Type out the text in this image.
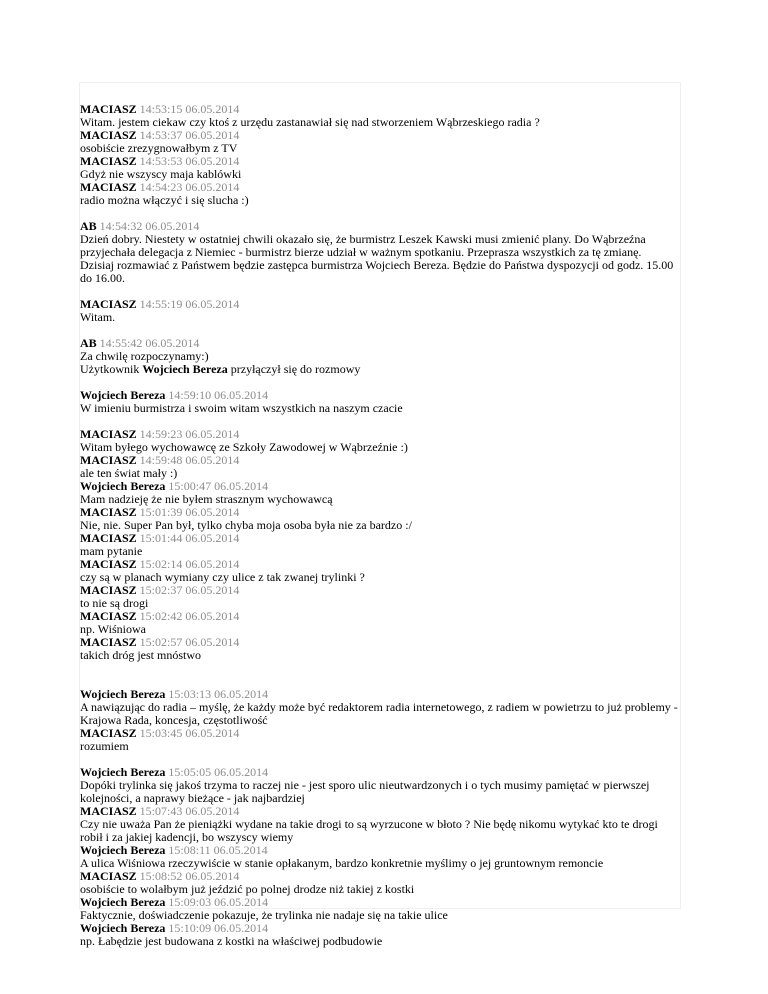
MACIASZ 14:53:15 06.05.2014
Witam. jestem ciekaw czy ktoś z urzędu zastanawiał się nad stworzeniem Wąbrzeskiego radia ?
MACIASZ 14:53:37 06.05.2014
osobiście zrezygnowałbym z TV
MACIASZ 14:53:53 06.05.2014
Gdyż nie wszyscy maja kablówki
MACIASZ 14:54:23 06.05.2014
radio można włączyć i się slucha :)
AB 14:54:32 06.05.2014
Dzień dobry. Niestety w ostatniej chwili okazało się, że burmistrz Leszek Kawski musi zmienić plany. Do Wąbrzeźna przyjechała delegacja z Niemiec - burmistrz bierze udział w ważnym spotkaniu. Przeprasza wszystkich za tę zmianę. Dzisiaj rozmawiać z Państwem będzie zastępca burmistrza Wojciech Bereza. Będzie do Państwa dyspozycji od godz. 15.00 do 16.00.
MACIASZ 14:55:19 06.05.2014
Witam.
AB 14:55:42 06.05.2014
Za chwilę rozpoczynamy:)
Użytkownik Wojciech Bereza przyłączył się do rozmowy
Wojciech Bereza 14:59:10 06.05.2014
W imieniu burmistrza i swoim witam wszystkich na naszym czacie
MACIASZ 14:59:23 06.05.2014
Witam byłego wychowawcę ze Szkoły Zawodowej w Wąbrzeźnie :)
MACIASZ 14:59:48 06.05.2014
ale ten świat mały :)
Wojciech Bereza 15:00:47 06.05.2014
Mam nadzieję że nie byłem strasznym wychowawcą
MACIASZ 15:01:39 06.05.2014
Nie, nie. Super Pan był, tylko chyba moja osoba była nie za bardzo :/
MACIASZ 15:01:44 06.05.2014
mam pytanie
MACIASZ 15:02:14 06.05.2014
czy są w planach wymiany czy ulice z tak zwanej trylinki ?
MACIASZ 15:02:37 06.05.2014
to nie są drogi
MACIASZ 15:02:42 06.05.2014
np. Wiśniowa
MACIASZ 15:02:57 06.05.2014
takich dróg jest mnóstwo
Wojciech Bereza 15:03:13 06.05.2014
A nawiązując do radia – myślę, że każdy może być redaktorem radia internetowego, z radiem w powietrzu to już problemy - Krajowa Rada, koncesja, częstotliwość
MACIASZ 15:03:45 06.05.2014
rozumiem
Wojciech Bereza 15:05:05 06.05.2014
Dopóki trylinka się jakoś trzyma to raczej nie - jest sporo ulic nieutwardzonych i o tych musimy pamiętać w pierwszej kolejności, a naprawy bieżące - jak najbardziej
MACIASZ 15:07:43 06.05.2014
Czy nie uważa Pan że pieniążki wydane na takie drogi to są wyrzucone w błoto ? Nie będę nikomu wytykać kto te drogi robił i za jakiej kadencji, bo wszyscy wiemy
Wojciech Bereza 15:08:11 06.05.2014
A ulica Wiśniowa rzeczywiście w stanie opłakanym, bardzo konkretnie myślimy o jej gruntownym remoncie
MACIASZ 15:08:52 06.05.2014
osobiście to wolałbym już jeździć po polnej drodze niż takiej z kostki
Wojciech Bereza 15:09:03 06.05.2014
Faktycznie, doświadczenie pokazuje, że trylinka nie nadaje się na takie ulice
Wojciech Bereza 15:10:09 06.05.2014
np. Łabędzie jest budowana z kostki na właściwej podbudowie
